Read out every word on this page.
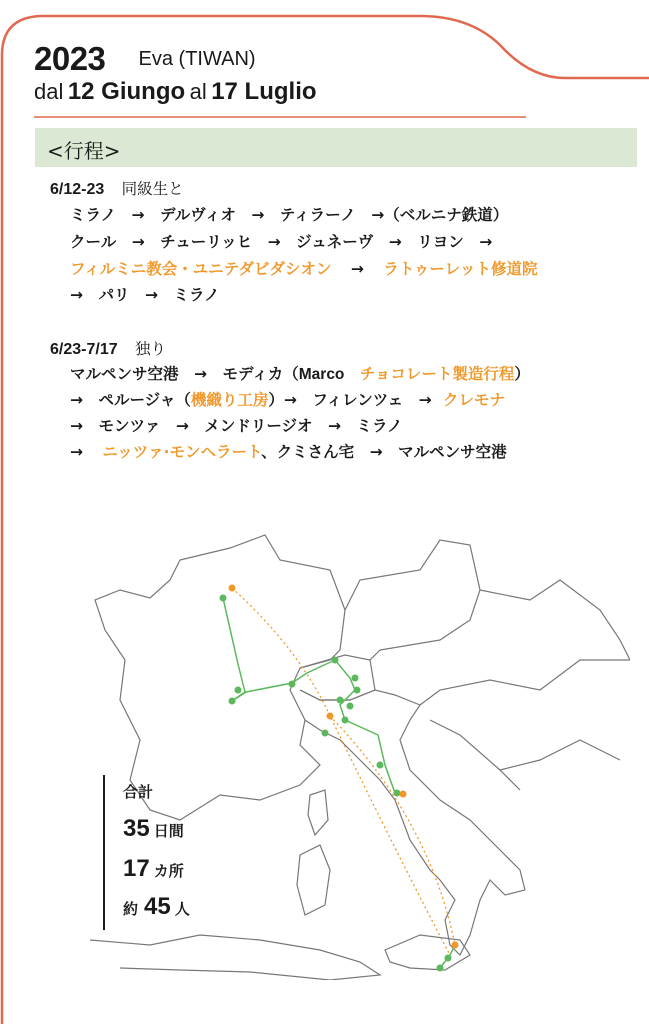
2023 Eva (TIWAN)
dal 12 Giungo al 17 Luglio
<行程>
6/12-23 同級生と
ミラノ　→　デルヴィオ　→　ティラーノ　→（ベルニナ鉄道）
クール　→　チューリッヒ　→　ジュネーヴ　→　リヨン　→
フィルミニ教会・ユニテダビダシオン → ラトゥーレット修道院
→　パリ　→　ミラノ
6/23-7/17 独り
マルペンサ空港　→　モディカ（Marco チョコレート製造行程）
→　ペルージャ（機織り工房）→　フィレンツェ　→ クレモナ
→　モンツァ　→　メンドリージオ　→　ミラノ
→ ニッツァ·モンヘラート、クミさん宅　→　マルペンサ空港
合計
35 日間
17 カ所
約 45 人
